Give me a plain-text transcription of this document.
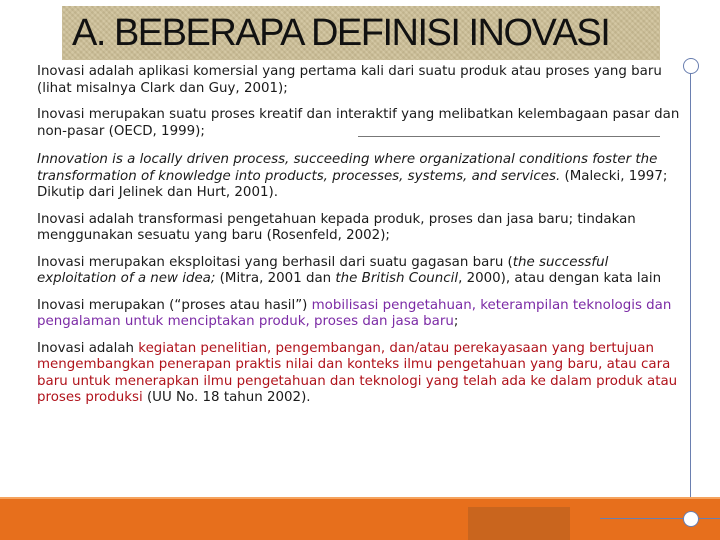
A. BEBERAPA DEFINISI INOVASI

Inovasi adalah aplikasi komersial yang pertama kali dari suatu produk atau proses yang baru (lihat misalnya Clark dan Guy, 2001);

Inovasi merupakan suatu proses kreatif dan interaktif yang melibatkan kelembagaan pasar dan non-pasar (OECD, 1999);

Innovation is a locally driven process, succeeding where organizational conditions foster the transformation of knowledge into products, processes, systems, and services. (Malecki, 1997; Dikutip dari Jelinek dan Hurt, 2001).

Inovasi adalah transformasi pengetahuan kepada produk, proses dan jasa baru; tindakan menggunakan sesuatu yang baru (Rosenfeld, 2002);

Inovasi merupakan eksploitasi yang berhasil dari suatu gagasan baru (the successful exploitation of a new idea; (Mitra, 2001 dan the British Council, 2000), atau dengan kata lain

Inovasi merupakan (“proses atau hasil”) mobilisasi pengetahuan, keterampilan teknologis dan pengalaman untuk menciptakan produk, proses dan jasa baru;

Inovasi adalah kegiatan penelitian, pengembangan, dan/atau perekayasaan yang bertujuan mengembangkan penerapan praktis nilai dan konteks ilmu pengetahuan yang baru, atau cara baru untuk menerapkan ilmu pengetahuan dan teknologi yang telah ada ke dalam produk atau proses produksi (UU No. 18 tahun 2002).
